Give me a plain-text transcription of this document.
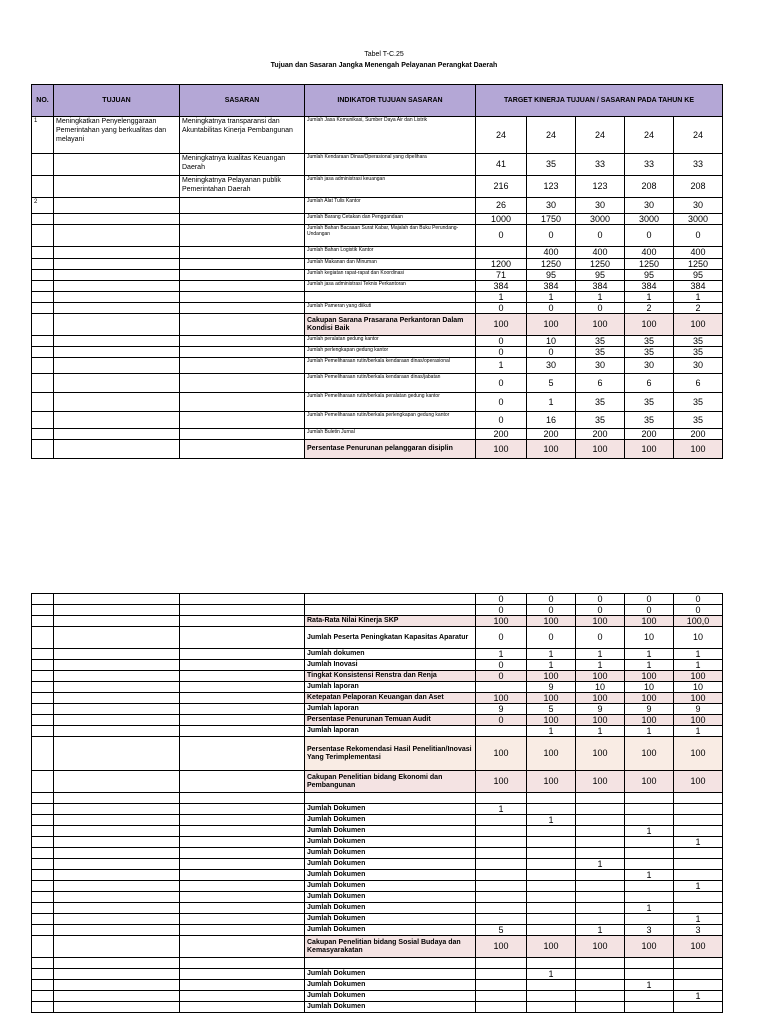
Tabel T-C.25
Tujuan dan Sasaran Jangka Menengah Pelayanan Perangkat Daerah
NO.	TUJUAN	SASARAN	INDIKATOR TUJUAN SASARAN	TARGET KINERJA TUJUAN / SASARAN PADA TAHUN KE				
1	Meningkatkan Penyelenggaraan Pemerintahan yang berkualitas dan melayani	Meningkatnya transparansi dan Akuntabilitas Kinerja Pembangunan	Jumlah Jasa Komunikasi, Sumber Daya Air dan Listrik	24	24	24	24	24
		Meningkatnya kualitas Keuangan Daerah	Jumlah Kendaraan Dinas/Operasional yang dipelihara	41	35	33	33	33
		Meningkatnya Pelayanan publik Pemerintahan Daerah	Jumlah jasa administrasi keuangan	216	123	123	208	208
2			Jumlah Alat Tulis Kantor	26	30	30	30	30
			Jumlah Barang Cetakan dan Penggandaan	1000	1750	3000	3000	3000
			Jumlah Bahan Bacaaan Surat Kabar, Majalah dan Buku Perundang-Undangan	0	0	0	0	0
			Jumlah Bahan Logistik Kantor		400	400	400	400
			Jumlah Makanan dan Minuman	1200	1250	1250	1250	1250
			Jumlah kegiatan rapat-rapat dan Koordinasi	71	95	95	95	95
			Jumlah jasa administrasi Teknis Perkantoran	384	384	384	384	384
				1	1	1	1	1
			Jumlah Pameran yang diikuti	0	0	0	2	2
			Cakupan Sarana Prasarana Perkantoran Dalam Kondisi Baik	100	100	100	100	100
			Jumlah peralatan gedung kantor	0	10	35	35	35
			Jumlah perlengkapan gedung kantor	0	0	35	35	35
			Jumlah Pemeliharaan rutin/berkala kendaraan dinas/operasional	1	30	30	30	30
			Jumlah Pemeliharaan rutin/berkala kendaraan dinas/jabatan	0	5	6	6	6
			Jumlah Pemeliharaan rutin/berkala peralatan gedung kantor	0	1	35	35	35
			Jumlah Pemeliharaan rutin/berkala perlengkapan gedung kantor	0	16	35	35	35
			Jumlah Buletin Jurnal	200	200	200	200	200
			Persentase Penurunan pelanggaran disiplin	100	100	100	100	100
				0	0	0	0	0
				0	0	0	0	0
			Rata-Rata Nilai Kinerja SKP	100	100	100	100	100,0
			Jumlah Peserta Peningkatan Kapasitas Aparatur	0	0	0	10	10
			Jumlah dokumen	1	1	1	1	1
			Jumlah Inovasi	0	1	1	1	1
			Tingkat Konsistensi Renstra dan Renja	0	100	100	100	100
			Jumlah laporan		9	10	10	10
			Ketepatan Pelaporan Keuangan dan Aset	100	100	100	100	100
			Jumlah laporan	9	5	9	9	9
			Persentase Penurunan Temuan Audit	0	100	100	100	100
			Jumlah laporan		1	1	1	1
			Persentase Rekomendasi Hasil Penelitian/Inovasi Yang Terimplementasi	100	100	100	100	100
			Cakupan Penelitian bidang Ekonomi dan Pembangunan	100	100	100	100	100

			Jumlah Dokumen	1				
			Jumlah Dokumen		1			
			Jumlah Dokumen				1	
			Jumlah Dokumen					1
			Jumlah Dokumen					
			Jumlah Dokumen			1		
			Jumlah Dokumen				1	
			Jumlah Dokumen					1
			Jumlah Dokumen					
			Jumlah Dokumen				1	
			Jumlah Dokumen					1
			Jumlah Dokumen	5		1	3	3
			Cakupan Penelitian bidang Sosial Budaya dan Kemasyarakatan	100	100	100	100	100

			Jumlah Dokumen		1			
			Jumlah Dokumen				1	
			Jumlah Dokumen					1
			Jumlah Dokumen					
